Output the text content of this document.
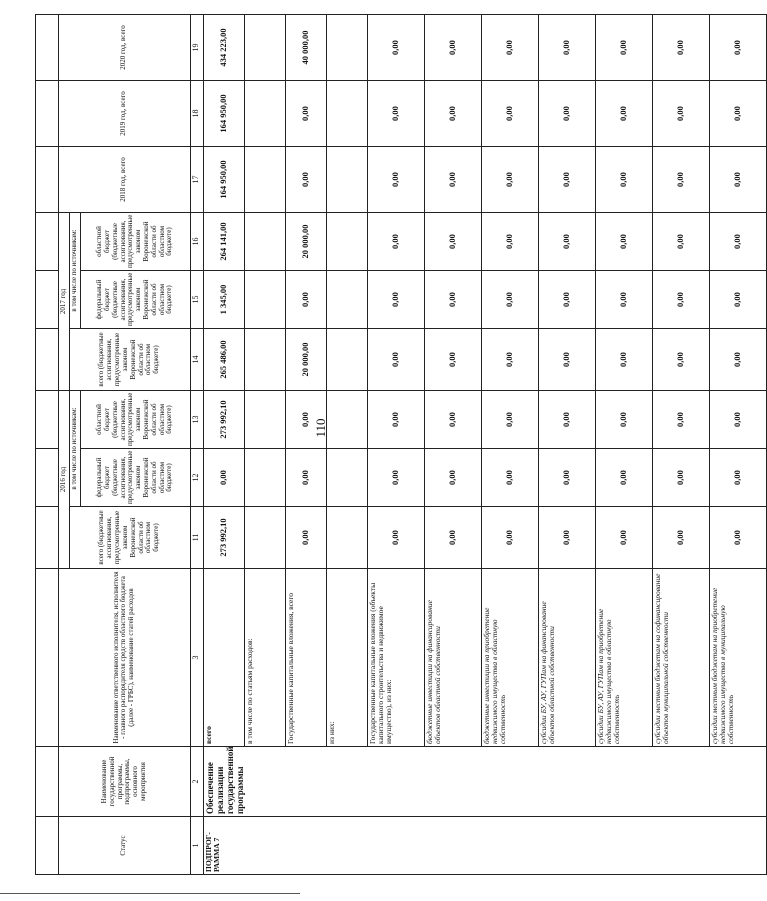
110

Статус	Наименование государственной программы, подпрограммы, основного мероприятия	Наименование ответственного исполнителя, исполнителя - главного распорядителя средств областного бюджета (далее - ГРБС), наименование статей расходов	2016 год			2017 год			2018 год, всего	2019 год, всего	2020 год, всего
			всего (бюджетные ассигнования, предусмотренные законом Воронежской области об областном бюджете)	в том числе по источникам:		всего (бюджетные ассигнования, предусмотренные законом Воронежской области об областном бюджете)	в том числе по источникам:				
				федеральный бюджет (бюджетные ассигнования, предусмотренные законом Воронежской области об областном бюджете)	областной бюджет (бюджетные ассигнования, предусмотренные законом Воронежской области об областном бюджете)		федеральный бюджет (бюджетные ассигнования, предусмотренные законом Воронежской области об областном бюджете)	областной бюджет (бюджетные ассигнования, предусмотренные законом Воронежской области об областном бюджете)			
1	2	3	11	12	13	14	15	16	17	18	19
ПОДПРОГ- РАММА 7	Обеспечение реализации государственной программы	всего	273 992,10	0,00	273 992,10	265 486,00	1 345,00	264 141,00	164 950,00	164 950,00	434 223,00
		в том числе по статьям расходов:									
		Государственные капитальные вложения, всего	0,00	0,00	0,00	20 000,00	0,00	20 000,00	0,00	0,00	40 000,00
		из них:									
		Государственные капитальные вложения (объекты капитального строительства и недвижимое имущество), из них:	0,00	0,00	0,00	0,00	0,00	0,00	0,00	0,00	0,00
		бюджетные инвестиции на финансирование объектов областной собственности	0,00	0,00	0,00	0,00	0,00	0,00	0,00	0,00	0,00
		бюджетные инвестиции на приобретение недвижимого имущества в областную собственность	0,00	0,00	0,00	0,00	0,00	0,00	0,00	0,00	0,00
		субсидии БУ, АУ, ГУПам на финансирование объектов областной собственности	0,00	0,00	0,00	0,00	0,00	0,00	0,00	0,00	0,00
		субсидии БУ, АУ, ГУПам на приобретение недвижимого имущества в областную собственность	0,00	0,00	0,00	0,00	0,00	0,00	0,00	0,00	0,00
		субсидии местным бюджетам на софинансирование объектов муниципальной собственности	0,00	0,00	0,00	0,00	0,00	0,00	0,00	0,00	0,00
		субсидии местным бюджетам на приобретение недвижимого имущества в муниципальную собственность	0,00	0,00	0,00	0,00	0,00	0,00	0,00	0,00	0,00
